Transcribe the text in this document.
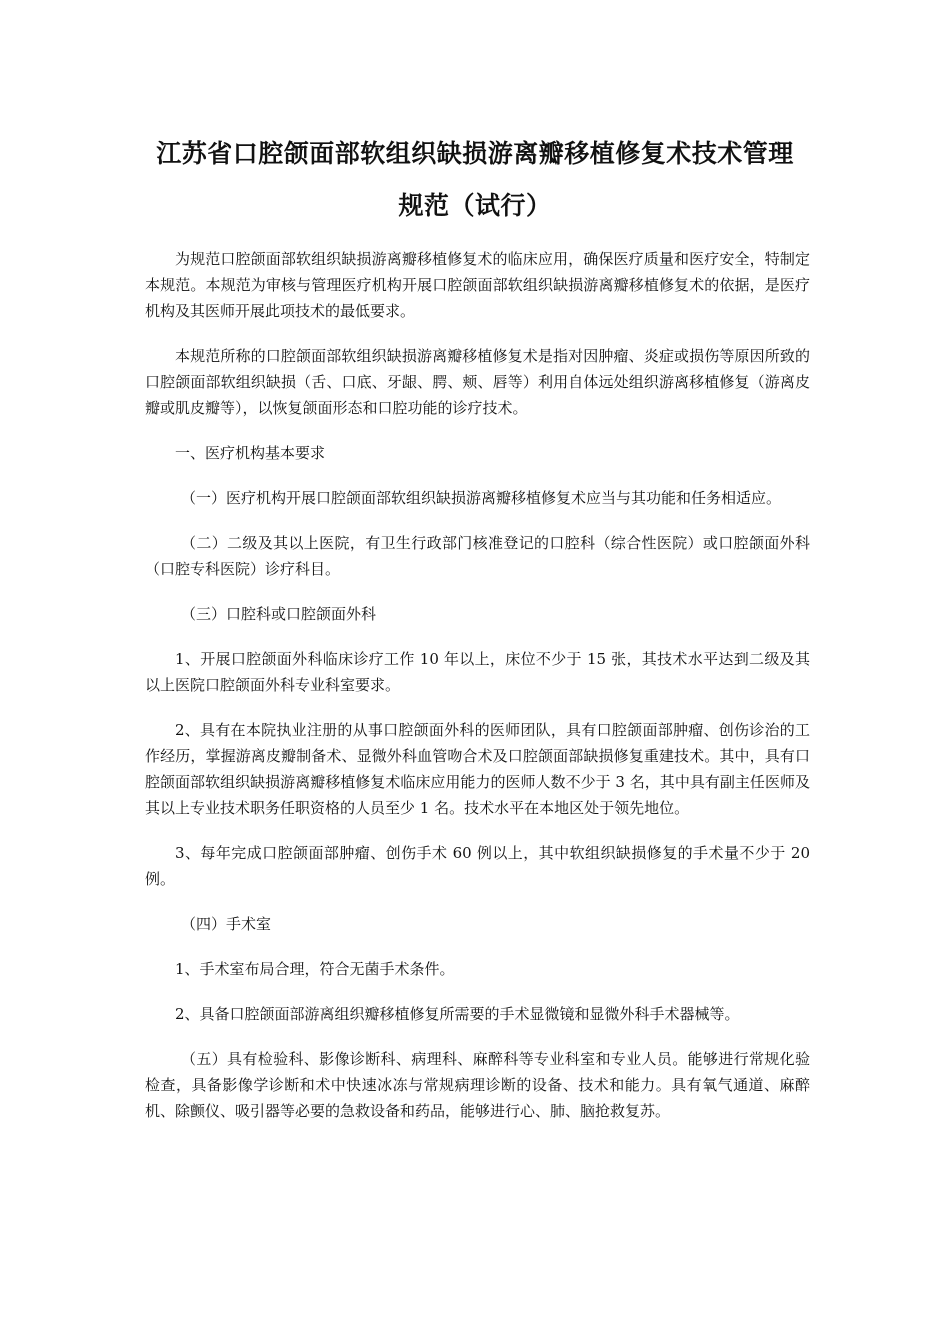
江苏省口腔颌面部软组织缺损游离瓣移植修复术技术管理
规范（试行）

为规范口腔颌面部软组织缺损游离瓣移植修复术的临床应用，确保医疗质量和医疗安全，特制定本规范。本规范为审核与管理医疗机构开展口腔颌面部软组织缺损游离瓣移植修复术的依据，是医疗机构及其医师开展此项技术的最低要求。

本规范所称的口腔颌面部软组织缺损游离瓣移植修复术是指对因肿瘤、炎症或损伤等原因所致的口腔颌面部软组织缺损（舌、口底、牙龈、腭、颊、唇等）利用自体远处组织游离移植修复（游离皮瓣或肌皮瓣等），以恢复颌面形态和口腔功能的诊疗技术。

一、医疗机构基本要求

（一）医疗机构开展口腔颌面部软组织缺损游离瓣移植修复术应当与其功能和任务相适应。

（二）二级及其以上医院，有卫生行政部门核准登记的口腔科（综合性医院）或口腔颌面外科（口腔专科医院）诊疗科目。

（三）口腔科或口腔颌面外科

1、开展口腔颌面外科临床诊疗工作 10 年以上，床位不少于 15 张，其技术水平达到二级及其以上医院口腔颌面外科专业科室要求。

2、具有在本院执业注册的从事口腔颌面外科的医师团队，具有口腔颌面部肿瘤、创伤诊治的工作经历，掌握游离皮瓣制备术、显微外科血管吻合术及口腔颌面部缺损修复重建技术。其中，具有口腔颌面部软组织缺损游离瓣移植修复术临床应用能力的医师人数不少于 3 名，其中具有副主任医师及其以上专业技术职务任职资格的人员至少 1 名。技术水平在本地区处于领先地位。

3、每年完成口腔颌面部肿瘤、创伤手术 60 例以上，其中软组织缺损修复的手术量不少于 20 例。

（四）手术室

1、手术室布局合理，符合无菌手术条件。

2、具备口腔颌面部游离组织瓣移植修复所需要的手术显微镜和显微外科手术器械等。

（五）具有检验科、影像诊断科、病理科、麻醉科等专业科室和专业人员。能够进行常规化验检查，具备影像学诊断和术中快速冰冻与常规病理诊断的设备、技术和能力。具有氧气通道、麻醉机、除颤仪、吸引器等必要的急救设备和药品，能够进行心、肺、脑抢救复苏。
